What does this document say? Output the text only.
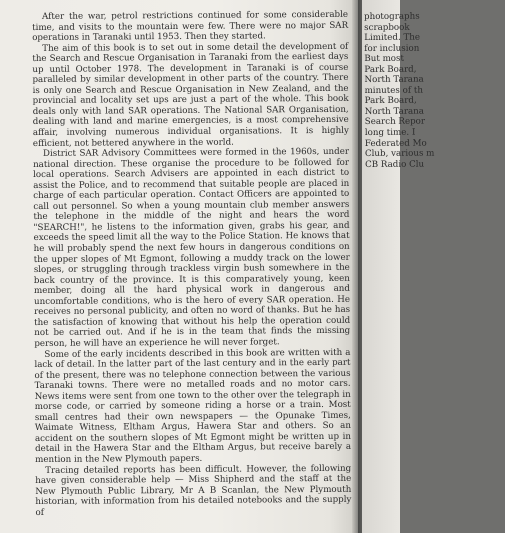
After the war, petrol restrictions continued for some considerable time, and visits to the mountain were few. There were no major SAR operations in Taranaki until 1953. Then they started.

The aim of this book is to set out in some detail the development of the Search and Rescue Organisation in Taranaki from the earliest days up until October 1978. The development in Taranaki is of course paralleled by similar development in other parts of the country. There is only one Search and Rescue Organisation in New Zealand, and the provincial and locality set ups are just a part of the whole. This book deals only with land SAR operations. The National SAR Organisation, dealing with land and marine emergencies, is a most comprehensive affair, involving numerous individual organisations. It is highly efficient, not bettered anywhere in the world.

District SAR Advisory Committees were formed in the 1960s, under national direction. These organise the procedure to be followed for local operations. Search Advisers are appointed in each district to assist the Police, and to recommend that suitable people are placed in charge of each particular operation. Contact Officers are appointed to call out personnel. So when a young mountain club member answers the telephone in the middle of the night and hears the word "SEARCH!", he listens to the information given, grabs his gear, and exceeds the speed limit all the way to the Police Station. He knows that he will probably spend the next few hours in dangerous conditions on the upper slopes of Mt Egmont, following a muddy track on the lower slopes, or struggling through trackless virgin bush somewhere in the back country of the province. It is this comparatively young, keen member, doing all the hard physical work in dangerous and uncomfortable conditions, who is the hero of every SAR operation. He receives no personal publicity, and often no word of thanks. But he has the satisfaction of knowing that without his help the operation could not be carried out. And if he is in the team that finds the missing person, he will have an experience he will never forget.

Some of the early incidents described in this book are written with a lack of detail. In the latter part of the last century and in the early part of the present, there was no telephone connection between the various Taranaki towns. There were no metalled roads and no motor cars. News items were sent from one town to the other over the telegraph in morse code, or carried by someone riding a horse or a train. Most small centres had their own newspapers — the Opunake Times, Waimate Witness, Eltham Argus, Hawera Star and others. So an accident on the southern slopes of Mt Egmont might be written up in detail in the Hawera Star and the Eltham Argus, but receive barely a mention in the New Plymouth papers.

Tracing detailed reports has been difficult. However, the following have given considerable help — Miss Shipherd and the staff at the New Plymouth Public Library, Mr A B Scanlan, the New Plymouth historian, with information from his detailed notebooks and the supply of

photographs
scrapbook
Limited. The
for inclusion
But most
Park Board,
North Tarana
minutes of th
Park Board,
North Tarana
Search Repor
long time. I
Federated Mo
Club, various m
CB Radio Clu
